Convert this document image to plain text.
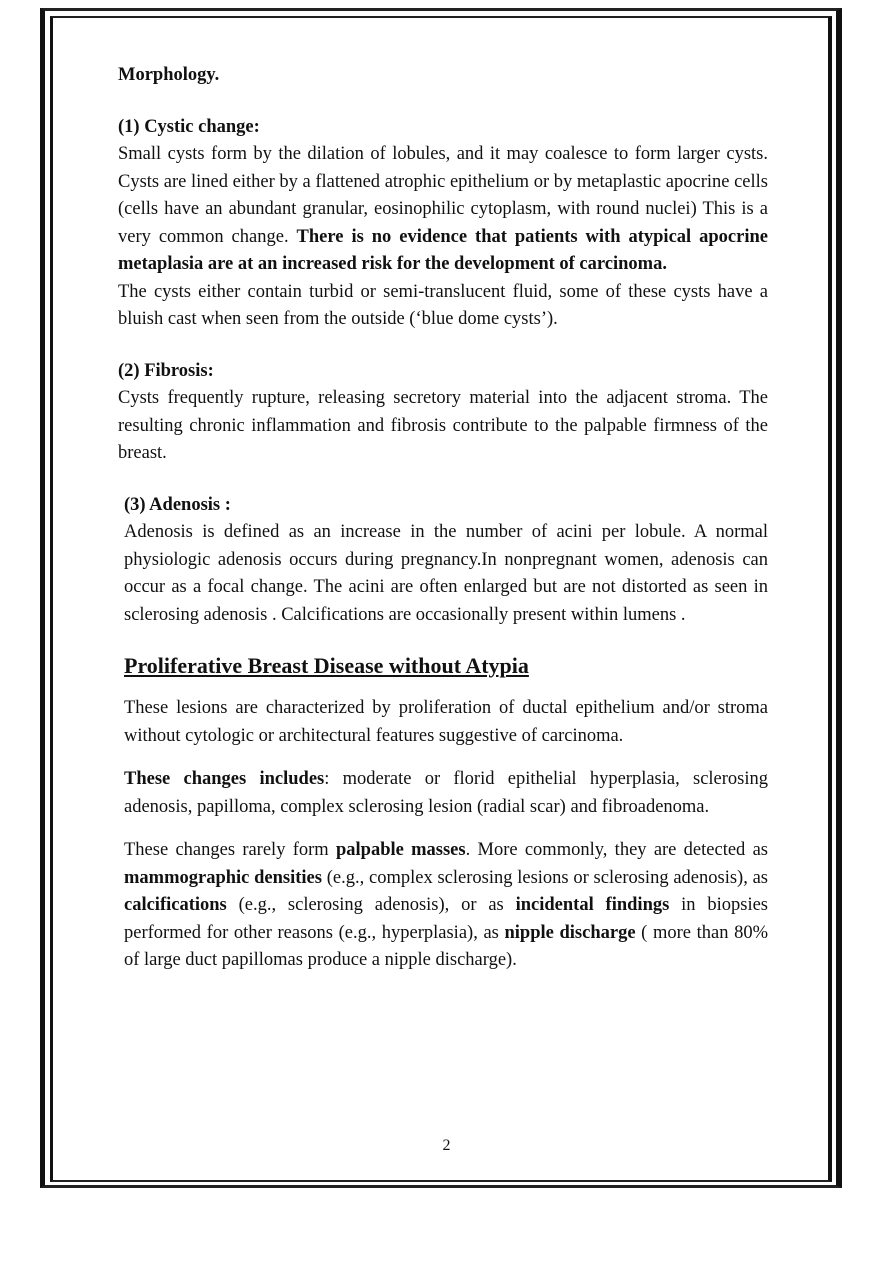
Morphology.
(1) Cystic change:

Small cysts form by the dilation of lobules, and it may coalesce to form larger cysts. Cysts are lined either by a flattened atrophic epithelium or by metaplastic apocrine cells (cells have an abundant granular, eosinophilic cytoplasm, with round nuclei) This is a very common change. There is no evidence that patients with atypical apocrine metaplasia are at an increased risk for the development of carcinoma.

The cysts either contain turbid or semi-translucent fluid, some of these cysts have a bluish cast when seen from the outside (‘blue dome cysts’).

(2) Fibrosis:

Cysts frequently rupture, releasing secretory material into the adjacent stroma. The resulting chronic inflammation and fibrosis contribute to the palpable firmness of the breast.

(3) Adenosis :

Adenosis is defined as an increase in the number of acini per lobule. A normal physiologic adenosis occurs during pregnancy.In nonpregnant women, adenosis can occur as a focal change. The acini are often enlarged but are not distorted as seen in sclerosing adenosis . Calcifications are occasionally present within lumens .

Proliferative Breast Disease without Atypia

These lesions are characterized by proliferation of ductal epithelium and/or stroma without cytologic or architectural features suggestive of carcinoma.

These changes includes: moderate or florid epithelial hyperplasia, sclerosing adenosis, papilloma, complex sclerosing lesion (radial scar) and fibroadenoma.

These changes rarely form palpable masses. More commonly, they are detected as mammographic densities (e.g., complex sclerosing lesions or sclerosing adenosis), as calcifications (e.g., sclerosing adenosis), or as incidental findings in biopsies performed for other reasons (e.g., hyperplasia), as nipple discharge ( more than 80% of large duct papillomas produce a nipple discharge).

2
